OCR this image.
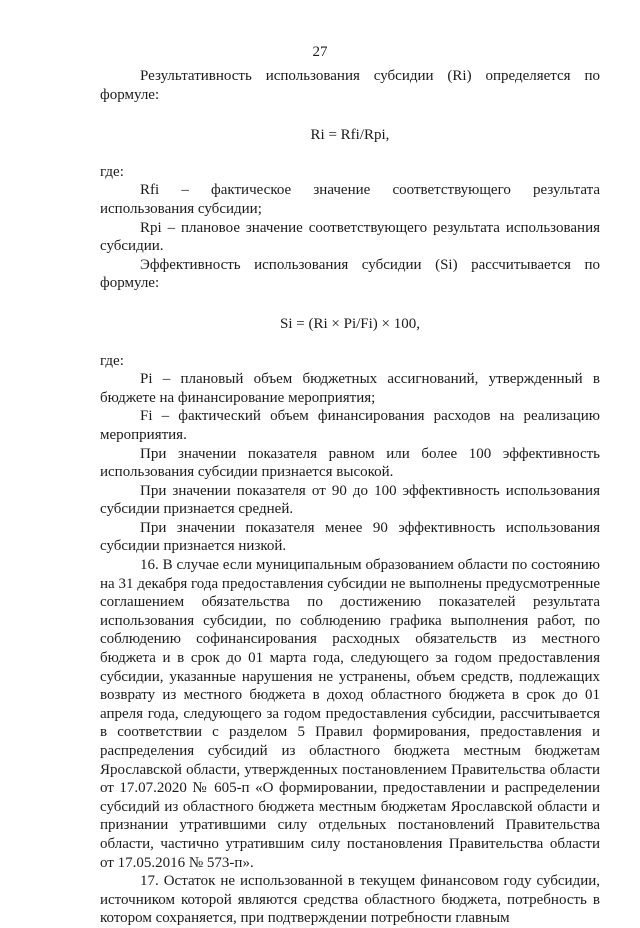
27

Результативность использования субсидии (Ri) определяется по формуле:

Ri = Rfi/Rpi,

где:

Rfi – фактическое значение соответствующего результата использования субсидии;

Rpi – плановое значение соответствующего результата использования субсидии.

Эффективность использования субсидии (Si) рассчитывается по формуле:

Si = (Ri × Pi/Fi) × 100,

где:

Pi – плановый объем бюджетных ассигнований, утвержденный в бюджете на финансирование мероприятия;

Fi – фактический объем финансирования расходов на реализацию мероприятия.

При значении показателя равном или более 100 эффективность использования субсидии признается высокой.

При значении показателя от 90 до 100 эффективность использования субсидии признается средней.

При значении показателя менее 90 эффективность использования субсидии признается низкой.

16. В случае если муниципальным образованием области по состоянию на 31 декабря года предоставления субсидии не выполнены предусмотренные соглашением обязательства по достижению показателей результата использования субсидии, по соблюдению графика выполнения работ, по соблюдению софинансирования расходных обязательств из местного бюджета и в срок до 01 марта года, следующего за годом предоставления субсидии, указанные нарушения не устранены, объем средств, подлежащих возврату из местного бюджета в доход областного бюджета в срок до 01 апреля года, следующего за годом предоставления субсидии, рассчитывается в соответствии с разделом 5 Правил формирования, предоставления и распределения субсидий из областного бюджета местным бюджетам Ярославской области, утвержденных постановлением Правительства области от 17.07.2020 № 605-п «О формировании, предоставлении и распределении субсидий из областного бюджета местным бюджетам Ярославской области и признании утратившими силу отдельных постановлений Правительства области, частично утратившим силу постановления Правительства области от 17.05.2016 № 573-п».

17. Остаток не использованной в текущем финансовом году субсидии, источником которой являются средства областного бюджета, потребность в котором сохраняется, при подтверждении потребности главным
